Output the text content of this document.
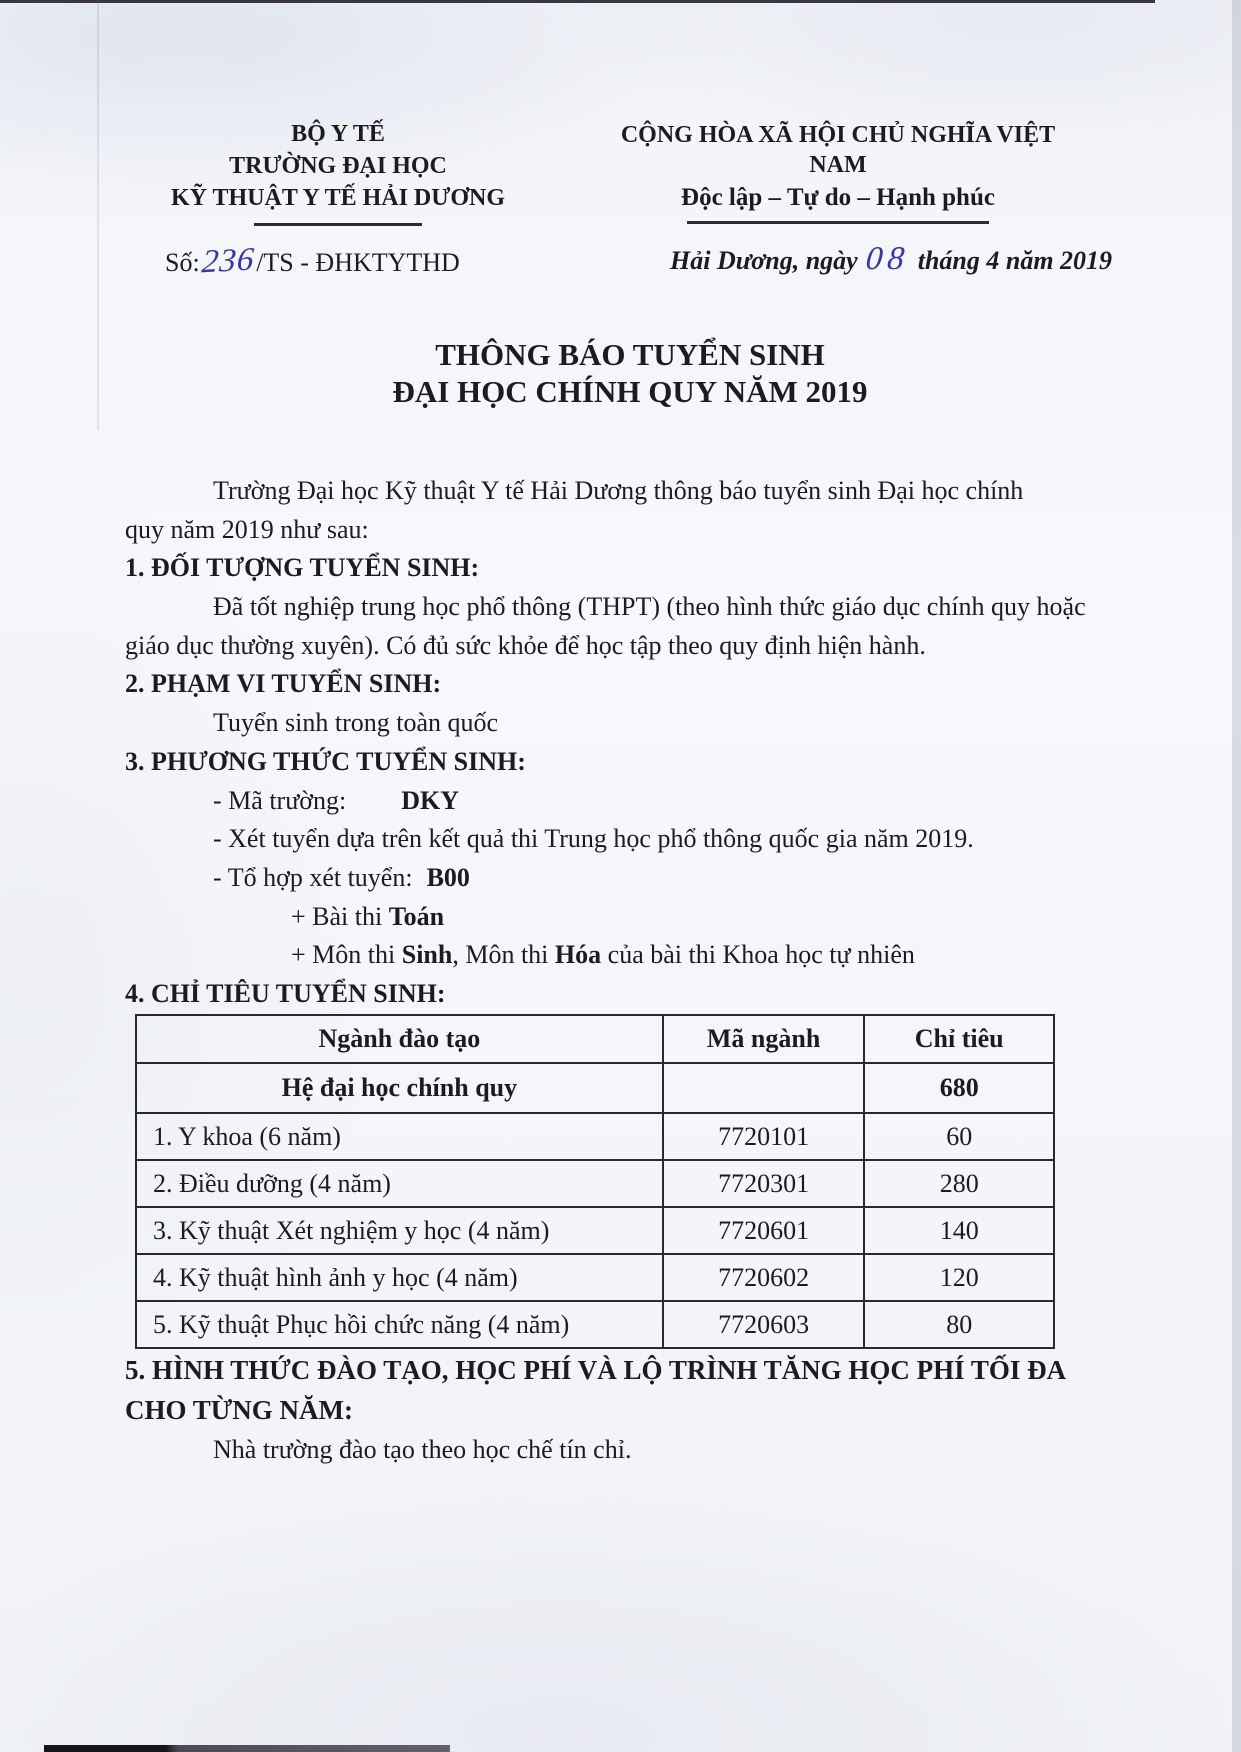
BỘ Y TẾ
TRƯỜNG ĐẠI HỌC
KỸ THUẬT Y TẾ HẢI DƯƠNG
CỘNG HÒA XÃ HỘI CHỦ NGHĨA VIỆT NAM
Độc lập – Tự do – Hạnh phúc
Số:236/TS - ĐHKTYTHD	Hải Dương, ngày 08 tháng 4 năm 2019
THÔNG BÁO TUYỂN SINH
ĐẠI HỌC CHÍNH QUY NĂM 2019
Trường Đại học Kỹ thuật Y tế Hải Dương thông báo tuyển sinh Đại học chính
quy năm 2019 như sau:
1. ĐỐI TƯỢNG TUYỂN SINH:
Đã tốt nghiệp trung học phổ thông (THPT) (theo hình thức giáo dục chính quy hoặc
giáo dục thường xuyên). Có đủ sức khỏe để học tập theo quy định hiện hành.
2. PHẠM VI TUYỂN SINH:
Tuyển sinh trong toàn quốc
3. PHƯƠNG THỨC TUYỂN SINH:
- Mã trường: DKY
- Xét tuyển dựa trên kết quả thi Trung học phổ thông quốc gia năm 2019.
- Tổ hợp xét tuyển: B00
+ Bài thi Toán
+ Môn thi Sinh, Môn thi Hóa của bài thi Khoa học tự nhiên
4. CHỈ TIÊU TUYỂN SINH:
Ngành đào tạo	Mã ngành	Chỉ tiêu
Hệ đại học chính quy		680
1. Y khoa (6 năm)	7720101	60
2. Điều dưỡng (4 năm)	7720301	280
3. Kỹ thuật Xét nghiệm y học (4 năm)	7720601	140
4. Kỹ thuật hình ảnh y học (4 năm)	7720602	120
5. Kỹ thuật Phục hồi chức năng (4 năm)	7720603	80
5. HÌNH THỨC ĐÀO TẠO, HỌC PHÍ VÀ LỘ TRÌNH TĂNG HỌC PHÍ TỐI ĐA
CHO TỪNG NĂM:
Nhà trường đào tạo theo học chế tín chỉ.
